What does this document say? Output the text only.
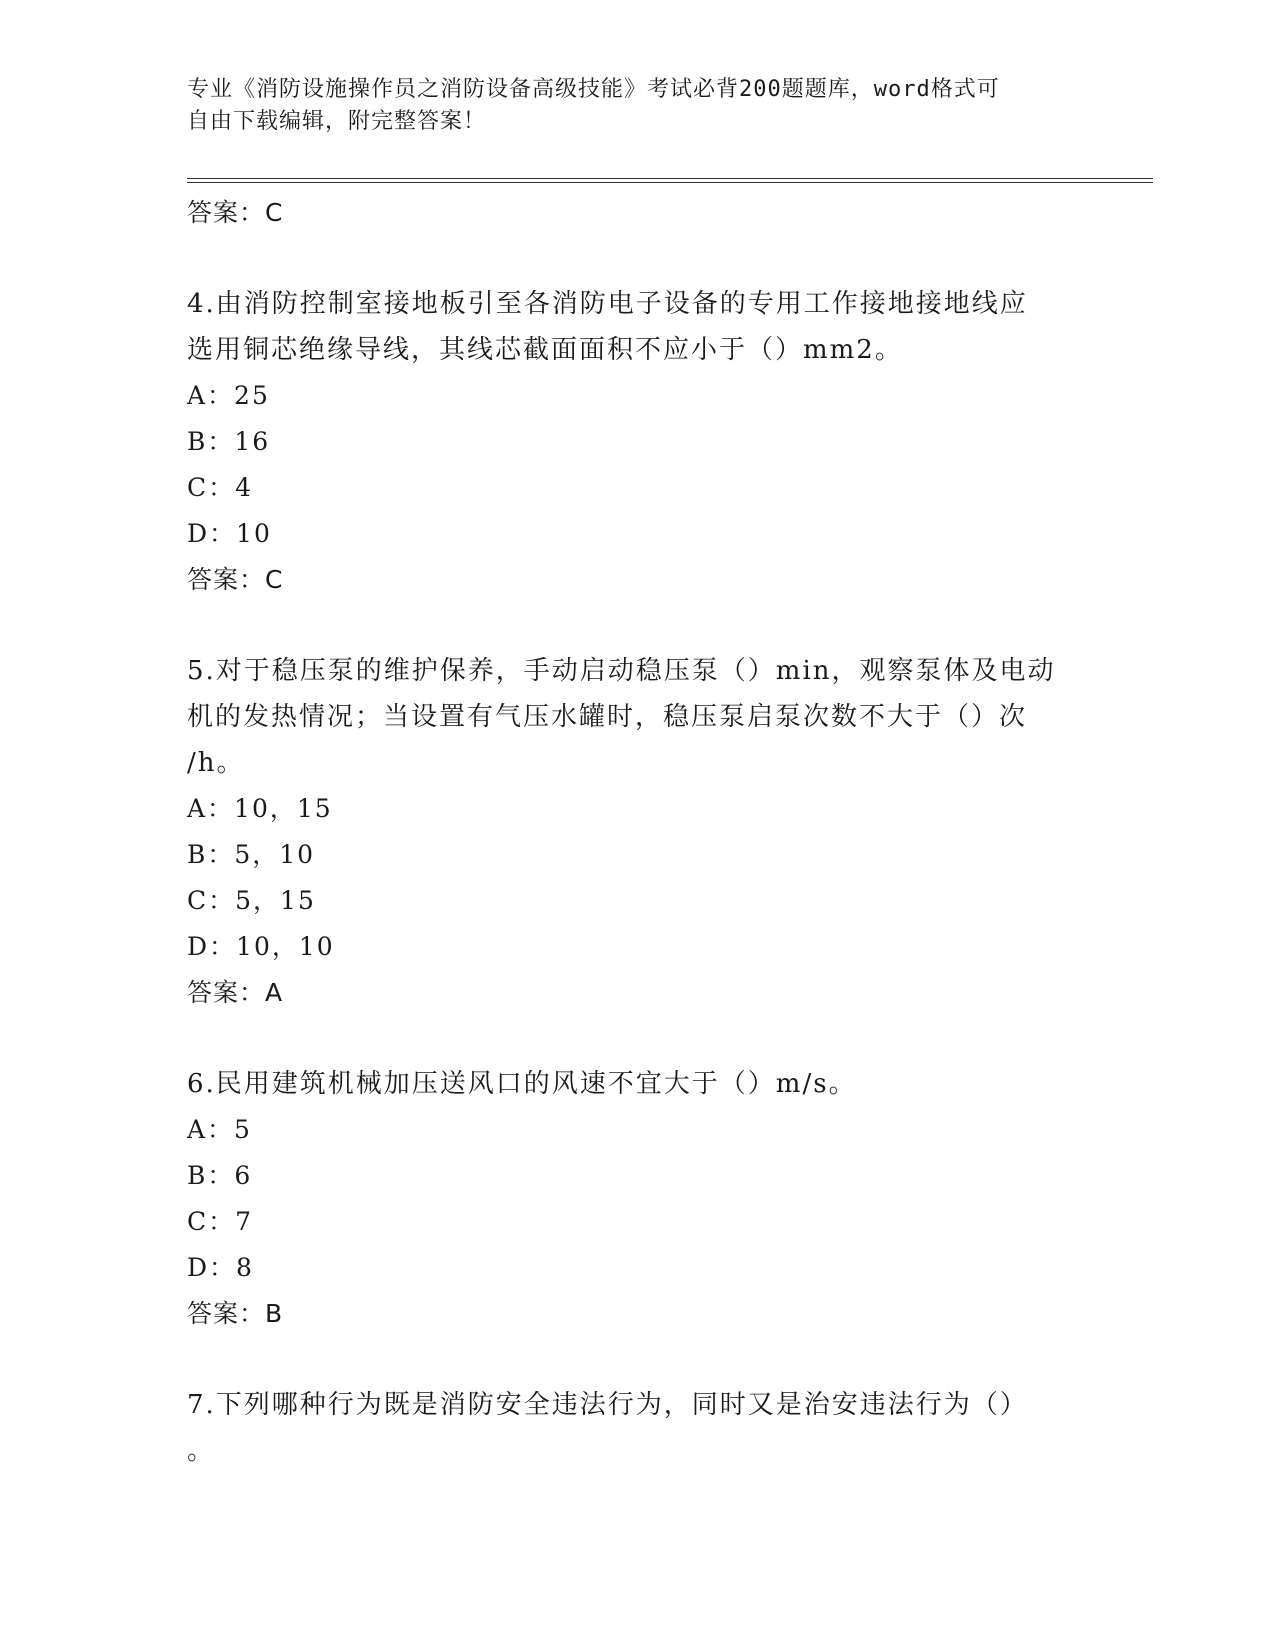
专业《消防设施操作员之消防设备高级技能》考试必背200题题库，word格式可
自由下载编辑，附完整答案！
答案：C
4.由消防控制室接地板引至各消防电子设备的专用工作接地接地线应
选用铜芯绝缘导线，其线芯截面面积不应小于（）mm2。
A：25
B：16
C：4
D：10
答案：C
5.对于稳压泵的维护保养，手动启动稳压泵（）min，观察泵体及电动
机的发热情况；当设置有气压水罐时，稳压泵启泵次数不大于（）次
/h。
A：10，15
B：5，10
C：5，15
D：10，10
答案：A
6.民用建筑机械加压送风口的风速不宜大于（）m/s。
A：5
B：6
C：7
D：8
答案：B
7.下列哪种行为既是消防安全违法行为，同时又是治安违法行为（）
。
